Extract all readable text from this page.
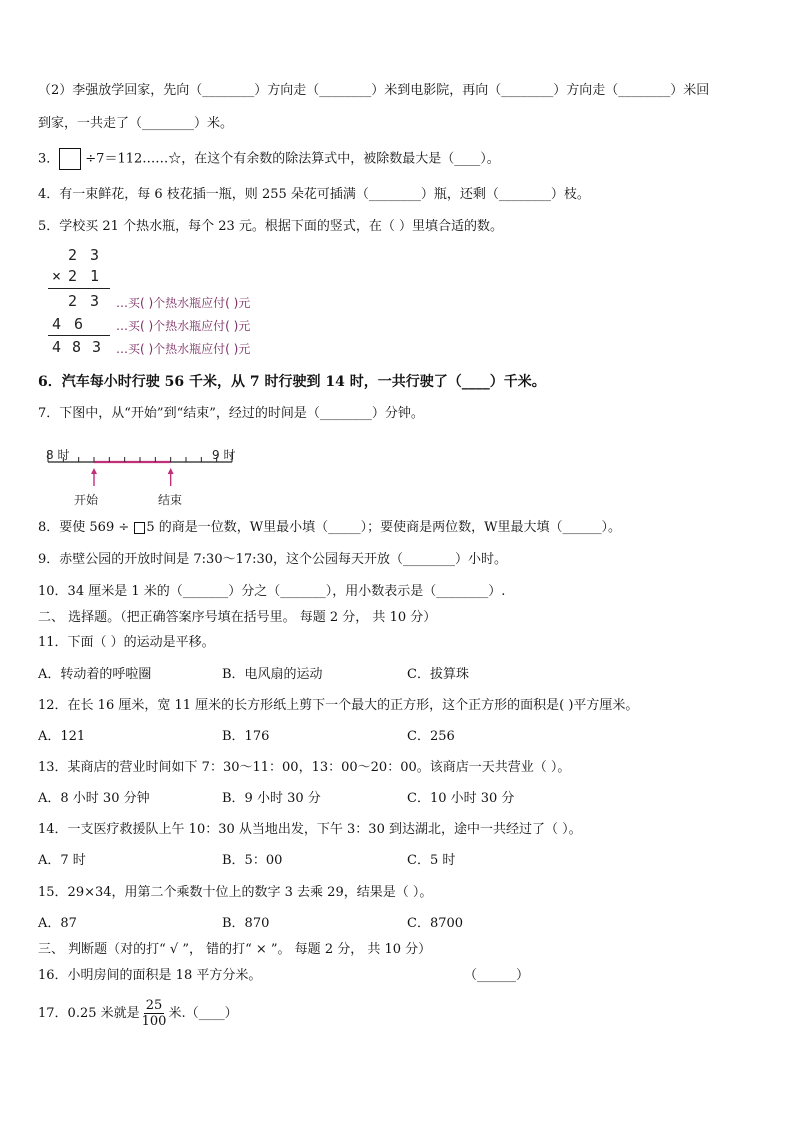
（2）李强放学回家，先向（________）方向走（________）米到电影院，再向（________）方向走（________）米回
到家，一共走了（________）米。
3． ÷7＝112……☆，在这个有余数的除法算式中，被除数最大是（____）。
4．有一束鲜花，每 6 枝花插一瓶，则 255 朵花可插满（________）瓶，还剩（________）枝。
5．学校买 21 个热水瓶，每个 23 元。根据下面的竖式，在（ ）里填合适的数。
2 3
× 2 1
2 3 …买( )个热水瓶应付( )元
4 6	…买( )个热水瓶应付( )元
4 8 3 …买( )个热水瓶应付( )元
6．汽车每小时行驶 56 千米，从 7 时行驶到 14 时，一共行驶了（____）千米。
7．下图中，从“开始”到“结束”，经过的时间是（________）分钟。
8 时	9 时
开始	结束
8．要使 569 ÷ 5 的商是一位数，W里最小填（_____）；要使商是两位数，W里最大填（______）。
9．赤壁公园的开放时间是 7:30～17:30，这个公园每天开放（________）小时。
10．34 厘米是 1 米的（_______）分之（_______），用小数表示是（________）.
二、 选择题。（把正确答案序号填在括号里。 每题 2 分， 共 10 分）
11．下面（ ）的运动是平移。
A．转动着的呼啦圈	B．电风扇的运动	C．拔算珠
12．在长 16 厘米，宽 11 厘米的长方形纸上剪下一个最大的正方形，这个正方形的面积是( )平方厘米。
A．121	B．176	C．256
13．某商店的营业时间如下 7：30～11：00，13：00～20：00。该商店一天共营业（ ）。
A．8 小时 30 分钟	B．9 小时 30 分	C．10 小时 30 分
14．一支医疗救援队上午 10：30 从当地出发，下午 3：30 到达湖北，途中一共经过了（ ）。
A．7 时	B．5：00	C．5 时
15．29×34，用第二个乘数十位上的数字 3 去乘 29，结果是（ ）。
A．87	B．870	C．8700
三、 判断题（对的打“ √ ”， 错的打“ × ”。 每题 2 分， 共 10 分）
16．小明房间的面积是 18 平方分米。	（______）
17．0.25 米就是 $\frac{25}{100}$ 米.（____）
